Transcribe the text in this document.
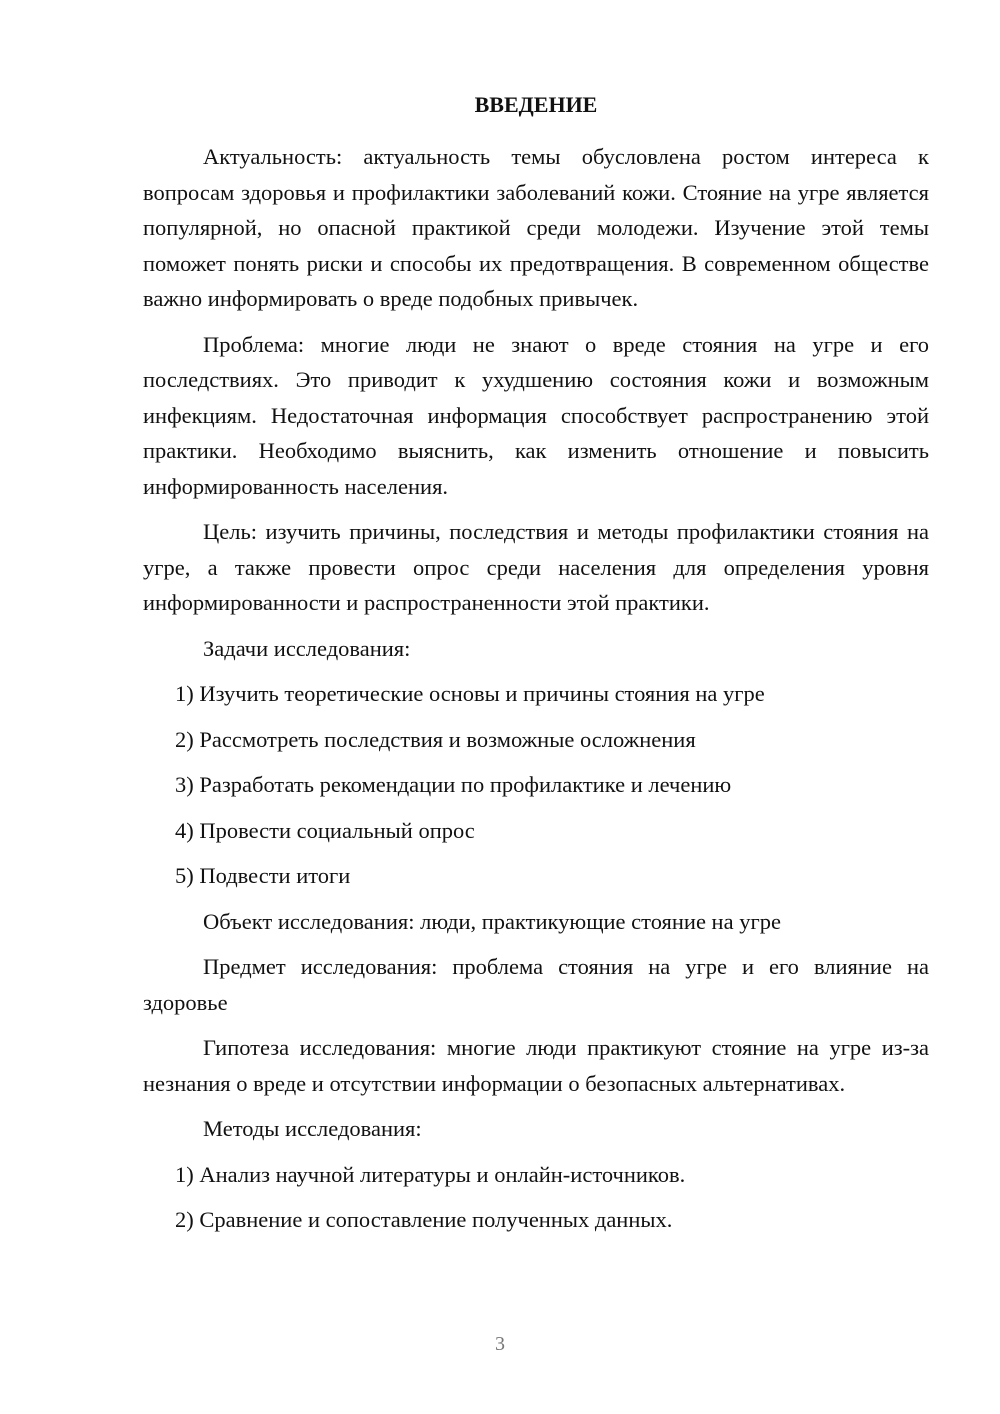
ВВЕДЕНИЕ

Актуальность: актуальность темы обусловлена ростом интереса к вопросам здоровья и профилактики заболеваний кожи. Стояние на угре является популярной, но опасной практикой среди молодежи. Изучение этой темы поможет понять риски и способы их предотвращения. В современном обществе важно информировать о вреде подобных привычек.

Проблема: многие люди не знают о вреде стояния на угре и его последствиях. Это приводит к ухудшению состояния кожи и возможным инфекциям. Недостаточная информация способствует распространению этой практики. Необходимо выяснить, как изменить отношение и повысить информированность населения.

Цель: изучить причины, последствия и методы профилактики стояния на угре, а также провести опрос среди населения для определения уровня информированности и распространенности этой практики.

Задачи исследования:
1) Изучить теоретические основы и причины стояния на угре
2) Рассмотреть последствия и возможные осложнения
3) Разработать рекомендации по профилактике и лечению
4) Провести социальный опрос
5) Подвести итоги
Объект исследования: люди, практикующие стояние на угре

Предмет исследования: проблема стояния на угре и его влияние на здоровье

Гипотеза исследования: многие люди практикуют стояние на угре из-за незнания о вреде и отсутствии информации о безопасных альтернативах.

Методы исследования:
1) Анализ научной литературы и онлайн-источников.
2) Сравнение и сопоставление полученных данных.
3
